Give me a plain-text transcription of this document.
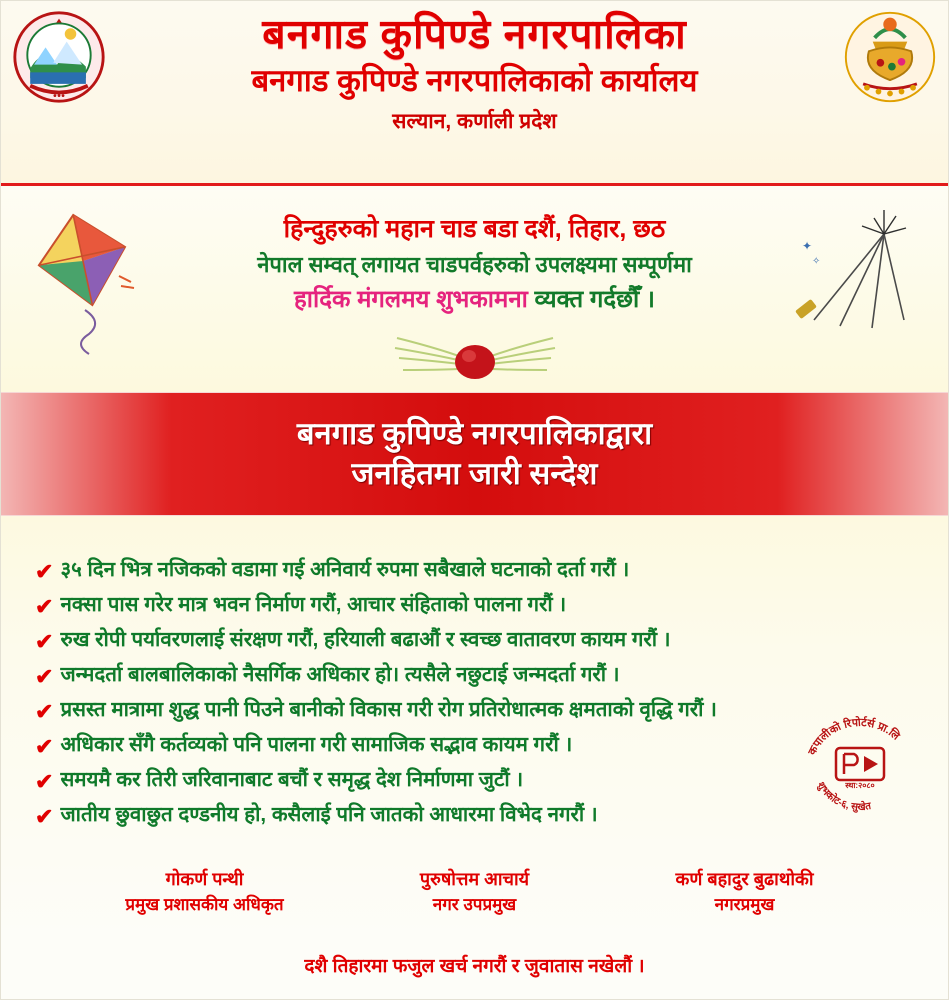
●●●
बनगाड कुपिण्डे नगरपालिका
बनगाड कुपिण्डे नगरपालिकाको कार्यालय
सल्यान, कर्णाली प्रदेश
✦
✧
हिन्दुहरुको महान चाड बडा दशैं, तिहार, छठ
नेपाल सम्वत् लगायत चाडपर्वहरुको उपलक्ष्यमा सम्पूर्णमा
हार्दिक मंगलमय शुभकामना व्यक्त गर्दछौँ ।
बनगाड कुपिण्डे नगरपालिकाद्वारा
जनहितमा जारी सन्देश
✔ ३५ दिन भित्र नजिकको वडामा गई अनिवार्य रुपमा सबैखाले घटनाको दर्ता गरौं ।
✔ नक्सा पास गरेर मात्र भवन निर्माण गरौं, आचार संहिताको पालना गरौं ।
✔ रुख रोपी पर्यावरणलाई संरक्षण गरौं, हरियाली बढाऔं र स्वच्छ वातावरण कायम गरौं ।
✔ जन्मदर्ता बालबालिकाको नैसर्गिक अधिकार हो। त्यसैले नछुटाई जन्मदर्ता गरौं ।
✔ प्रसस्त मात्रामा शुद्ध पानी पिउने बानीको विकास गरी रोग प्रतिरोधात्मक क्षमताको वृद्धि गरौं ।
✔ अधिकार सँगै कर्तव्यको पनि पालना गरी सामाजिक सद्भाव कायम गरौं ।
✔ समयमै कर तिरी जरिवानाबाट बचौं र समृद्ध देश निर्माणमा जुटौं ।
✔ जातीय छुवाछुत दण्डनीय हो, कसैलाई पनि जातको आधारमा विभेद नगरौं ।
कपालीको रिपोर्टर्स प्रा.लि
शुभकोट-६, सुखेत
स्था:२०८०
गोकर्ण पन्थी
प्रमुख प्रशासकीय अधिकृत
पुरुषोत्तम आचार्य
नगर उपप्रमुख
कर्ण बहादुर बुढाथोकी
नगरप्रमुख
दशै तिहारमा फजुल खर्च नगरौं र जुवातास नखेलौं ।
